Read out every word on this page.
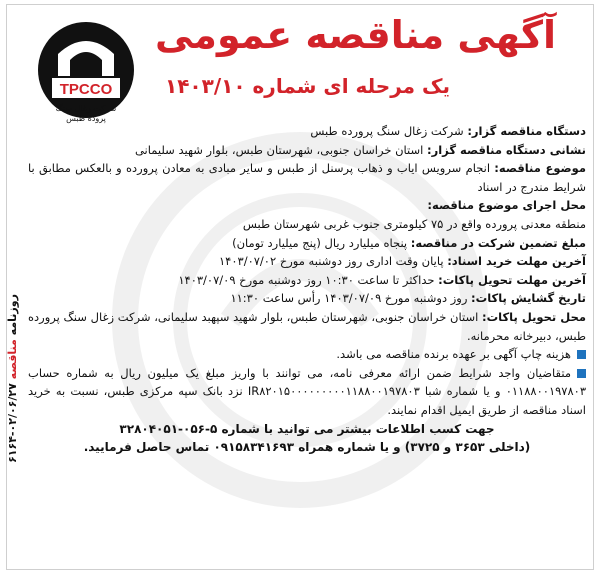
TPCCO
شرکت زغال سنگ
پروده طبس
آگهی مناقصه عمومی
یک مرحله ای شماره ۱۴۰۳/۱۰
روزنامه مناقصه ۰۲/۰۶/۲۷-۶۱۶۴

دستگاه مناقصه گزار: شرکت زغال سنگ پرورده طبس

نشانی دستگاه مناقصه گزار: استان خراسان جنوبی، شهرستان طبس، بلوار شهید سلیمانی

موضوع مناقصه: انجام سرویس ایاب و ذهاب پرسنل از طبس و سایر مبادی به معادن پرورده و بالعکس مطابق با شرایط مندرج در اسناد

محل اجرای موضوع مناقصه:

منطقه معدنی پرورده واقع در ۷۵ کیلومتری جنوب غربی شهرستان طبس

مبلغ تضمین شرکت در مناقصه: پنجاه میلیارد ریال (پنج میلیارد تومان)

آخرین مهلت خرید اسناد: پایان وقت اداری روز دوشنبه مورخ ۱۴۰۳/۰۷/۰۲

آخرین مهلت تحویل پاکات: حداکثر تا ساعت ۱۰:۳۰ روز دوشنبه مورخ ۱۴۰۳/۰۷/۰۹

تاریخ گشایش پاکات: روز دوشنبه مورخ ۱۴۰۳/۰۷/۰۹ رأس ساعت ۱۱:۳۰

محل تحویل پاکات: استان خراسان جنوبی، شهرستان طبس، بلوار شهید سپهبد سلیمانی، شرکت زغال سنگ پرورده طبس، دبیرخانه محرمانه.

هزینه چاپ آگهی بر عهده برنده مناقصه می باشد.

متقاضیان واجد شرایط ضمن ارائه معرفی نامه، می توانند با واریز مبلغ یک میلیون ریال به شماره حساب ۰۱۱۸۸۰۰۱۹۷۸۰۳ و یا شماره شبا IR۸۲۰۱۵۰۰۰۰۰۰۰۰۰۱۱۸۸۰۰۱۹۷۸۰۳ نزد بانک سپه مرکزی طبس، نسبت به خرید اسناد مناقصه از طریق ایمیل اقدام نمایند.

جهت کسب اطلاعات بیشتر می توانید با شماره ۵-۰۵۶-۳۲۸۰۴۰۵۱

(داخلی ۳۶۵۳ و ۳۷۲۵) و یا شماره همراه ۰۹۱۵۸۳۴۱۶۹۳ تماس حاصل فرمایید.
